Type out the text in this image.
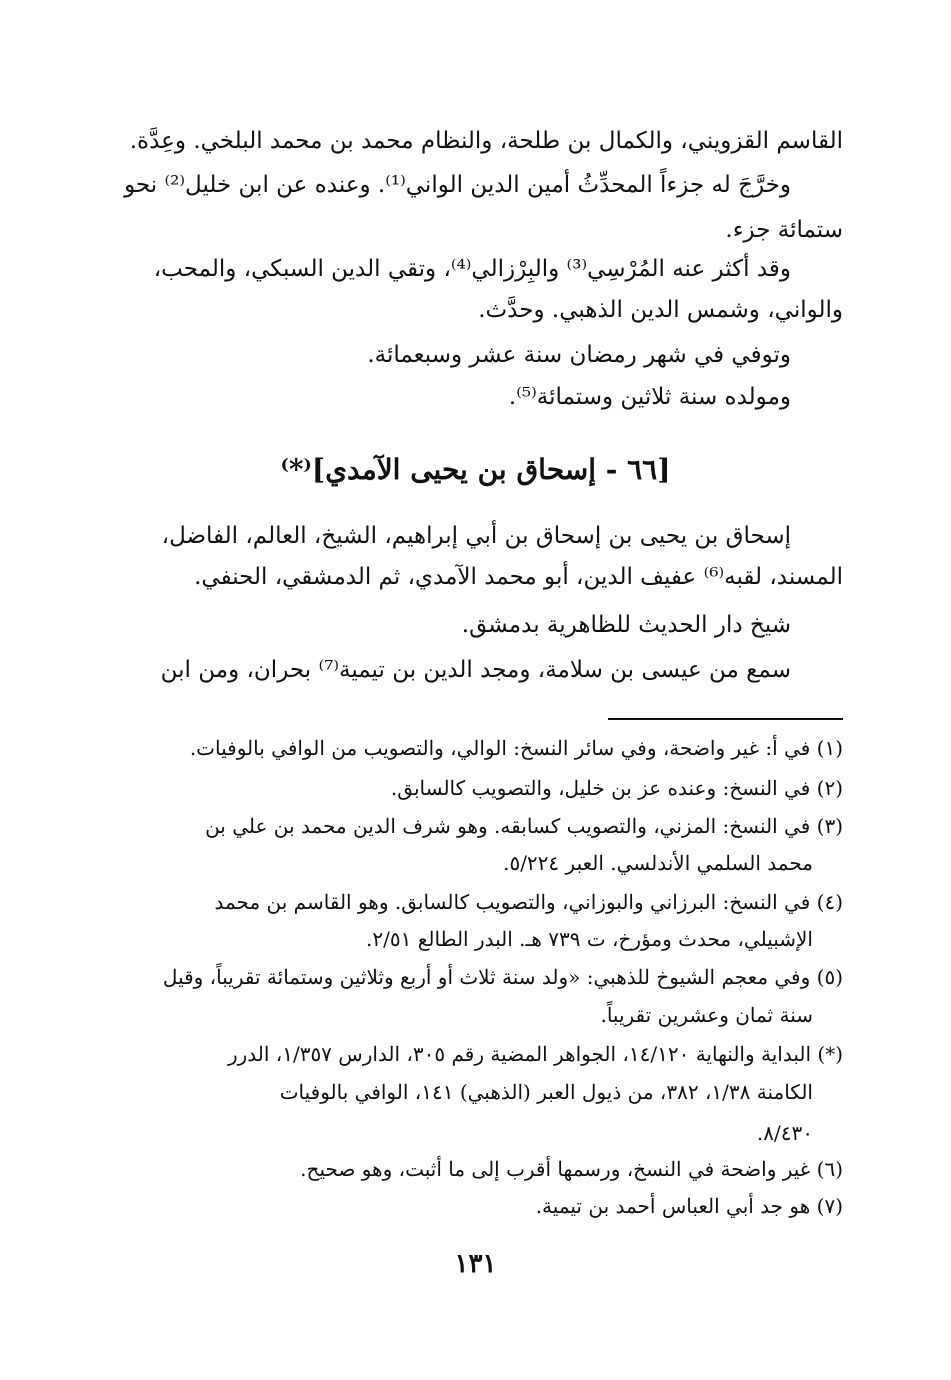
القاسم القزويني، والكمال بن طلحة، والنظام محمد بن محمد البلخي. وعِدَّة.
وخرَّجَ له جزءاً المحدِّثُ أمين الدين الواني⁽¹⁾. وعنده عن ابن خليل⁽²⁾ نحو
ستمائة جزء.
وقد أكثر عنه المُرْسِي⁽³⁾ والبِرْزالي⁽⁴⁾، وتقي الدين السبكي، والمحب،
والواني، وشمس الدين الذهبي. وحدَّث.
وتوفي في شهر رمضان سنة عشر وسبعمائة.
ومولده سنة ثلاثين وستمائة⁽⁵⁾.
[٦٦ - إسحاق بن يحيى الآمدي]⁽*⁾
إسحاق بن يحيى بن إسحاق بن أبي إبراهيم، الشيخ، العالم، الفاضل،
المسند، لقبه⁽⁶⁾ عفيف الدين، أبو محمد الآمدي، ثم الدمشقي، الحنفي.
شيخ دار الحديث للظاهرية بدمشق.
سمع من عيسى بن سلامة، ومجد الدين بن تيمية⁽⁷⁾ بحران، ومن ابن
(١) في أ: غير واضحة، وفي سائر النسخ: الوالي، والتصويب من الوافي بالوفيات.
(٢) في النسخ: وعنده عز بن خليل، والتصويب كالسابق.
(٣) في النسخ: المزني، والتصويب كسابقه. وهو شرف الدين محمد بن علي بن
محمد السلمي الأندلسي. العبر ٥/٢٢٤.
(٤) في النسخ: البرزاني والبوزاني، والتصويب كالسابق. وهو القاسم بن محمد
الإشبيلي، محدث ومؤرخ، ت ٧٣٩ هـ. البدر الطالع ٢/٥١.
(٥) وفي معجم الشيوخ للذهبي: «ولد سنة ثلاث أو أربع وثلاثين وستمائة تقريباً، وقيل
سنة ثمان وعشرين تقريباً.
(*) البداية والنهاية ١٤/١٢٠، الجواهر المضية رقم ٣٠٥، الدارس ١/٣٥٧، الدرر
الكامنة ١/٣٨، ٣٨٢، من ذيول العبر (الذهبي) ١٤١، الوافي بالوفيات
٨/٤٣٠.
(٦) غير واضحة في النسخ، ورسمها أقرب إلى ما أثبت، وهو صحيح.
(٧) هو جد أبي العباس أحمد بن تيمية.
١٣١
